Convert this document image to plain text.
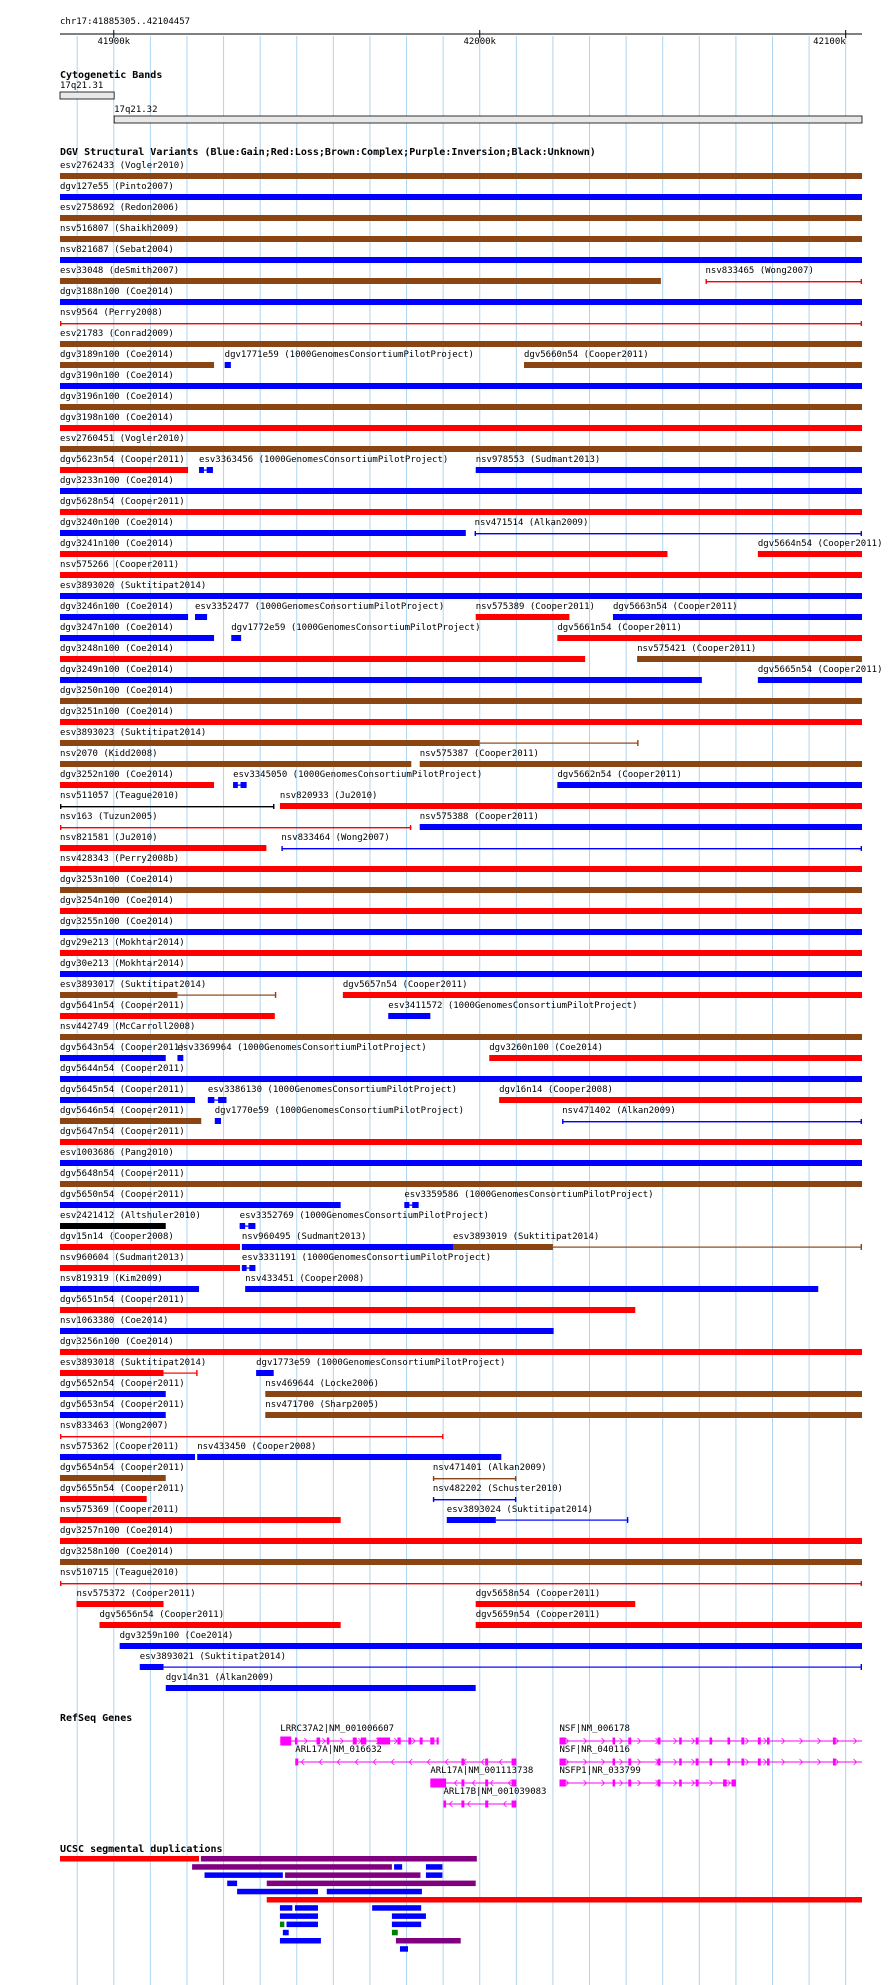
chr17:41885305..42104457
41900k	42000k	42100k
Cytogenetic Bands
17q21.31
17q21.32
DGV Structural Variants (Blue:Gain;Red:Loss;Brown:Complex;Purple:Inversion;Black:Unknown)
esv2762433 (Vogler2010)
dgv127e55 (Pinto2007)
esv2758692 (Redon2006)
nsv516807 (Shaikh2009)
nsv821687 (Sebat2004)
esv33048 (deSmith2007)	nsv833465 (Wong2007)
dgv3188n100 (Coe2014)
nsv9564 (Perry2008)
esv21783 (Conrad2009)
dgv3189n100 (Coe2014)	dgv1771e59 (1000GenomesConsortiumPilotProject)	dgv5660n54 (Cooper2011)
dgv3190n100 (Coe2014)
dgv3196n100 (Coe2014)
dgv3198n100 (Coe2014)
esv2760451 (Vogler2010)
dgv5623n54 (Cooper2011) esv3363456 (1000GenomesConsortiumPilotProject)	nsv978553 (Sudmant2013)
dgv3233n100 (Coe2014)
dgv5628n54 (Cooper2011)
dgv3240n100 (Coe2014)	nsv471514 (Alkan2009)
dgv3241n100 (Coe2014)	dgv5664n54 (Cooper2011)
nsv575266 (Cooper2011)
esv3893020 (Suktitipat2014)
dgv3246n100 (Coe2014) esv3352477 (1000GenomesConsortiumPilotProject)	nsv575389 (Cooper2011) dgv5663n54 (Cooper2011)
dgv3247n100 (Coe2014)	dgv1772e59 (1000GenomesConsortiumPilotProject)	dgv5661n54 (Cooper2011)
dgv3248n100 (Coe2014)	nsv575421 (Cooper2011)
dgv3249n100 (Coe2014)	dgv5665n54 (Cooper2011)
dgv3250n100 (Coe2014)
dgv3251n100 (Coe2014)
esv3893023 (Suktitipat2014)
nsv2070 (Kidd2008)	nsv575387 (Cooper2011)
dgv3252n100 (Coe2014)	esv3345050 (1000GenomesConsortiumPilotProject)	dgv5662n54 (Cooper2011)
nsv511057 (Teague2010)	nsv820933 (Ju2010)
nsv163 (Tuzun2005)	nsv575388 (Cooper2011)
nsv821581 (Ju2010)	nsv833464 (Wong2007)
nsv428343 (Perry2008b)
dgv3253n100 (Coe2014)
dgv3254n100 (Coe2014)
dgv3255n100 (Coe2014)
dgv29e213 (Mokhtar2014)
dgv30e213 (Mokhtar2014)
esv3893017 (Suktitipat2014)	dgv5657n54 (Cooper2011)
dgv5641n54 (Cooper2011)	esv3411572 (1000GenomesConsortiumPilotProject)
nsv442749 (McCarroll2008)
dgv5643n54 (Cooper2011)
esv3369964 (1000GenomesConsortiumPilotProject)	dgv3260n100 (Coe2014)
dgv5644n54 (Cooper2011)
dgv5645n54 (Cooper2011)	esv3386130 (1000GenomesConsortiumPilotProject)	dgv16n14 (Cooper2008)
dgv5646n54 (Cooper2011)	dgv1770e59 (1000GenomesConsortiumPilotProject)	nsv471402 (Alkan2009)
dgv5647n54 (Cooper2011)
esv1003686 (Pang2010)
dgv5648n54 (Cooper2011)
dgv5650n54 (Cooper2011)	esv3359586 (1000GenomesConsortiumPilotProject)
esv2421412 (Altshuler2010)	esv3352769 (1000GenomesConsortiumPilotProject)
dgv15n14 (Cooper2008)	nsv960495 (Sudmant2013)	esv3893019 (Suktitipat2014)
nsv960604 (Sudmant2013)	esv3331191 (1000GenomesConsortiumPilotProject)
nsv819319 (Kim2009)	nsv433451 (Cooper2008)
dgv5651n54 (Cooper2011)
nsv1063380 (Coe2014)
dgv3256n100 (Coe2014)
esv3893018 (Suktitipat2014)	dgv1773e59 (1000GenomesConsortiumPilotProject)
dgv5652n54 (Cooper2011)	nsv469644 (Locke2006)
dgv5653n54 (Cooper2011)	nsv471700 (Sharp2005)
nsv833463 (Wong2007)
nsv575362 (Cooper2011) nsv433450 (Cooper2008)
dgv5654n54 (Cooper2011)	nsv471401 (Alkan2009)
dgv5655n54 (Cooper2011)	nsv482202 (Schuster2010)
nsv575369 (Cooper2011)	esv3893024 (Suktitipat2014)
dgv3257n100 (Coe2014)
dgv3258n100 (Coe2014)
nsv510715 (Teague2010)
nsv575372 (Cooper2011)	dgv5658n54 (Cooper2011)
dgv5656n54 (Cooper2011)	dgv5659n54 (Cooper2011)
dgv3259n100 (Coe2014)
esv3893021 (Suktitipat2014)
dgv14n31 (Alkan2009)
RefSeq Genes
LRRC37A2|NM_001006607	NSF|NM_006178
ARL17A|NM_016632	NSF|NR_040116
ARL17A|NM_001113738	NSFP1|NR_033799
ARL17B|NM_001039083
UCSC segmental duplications
